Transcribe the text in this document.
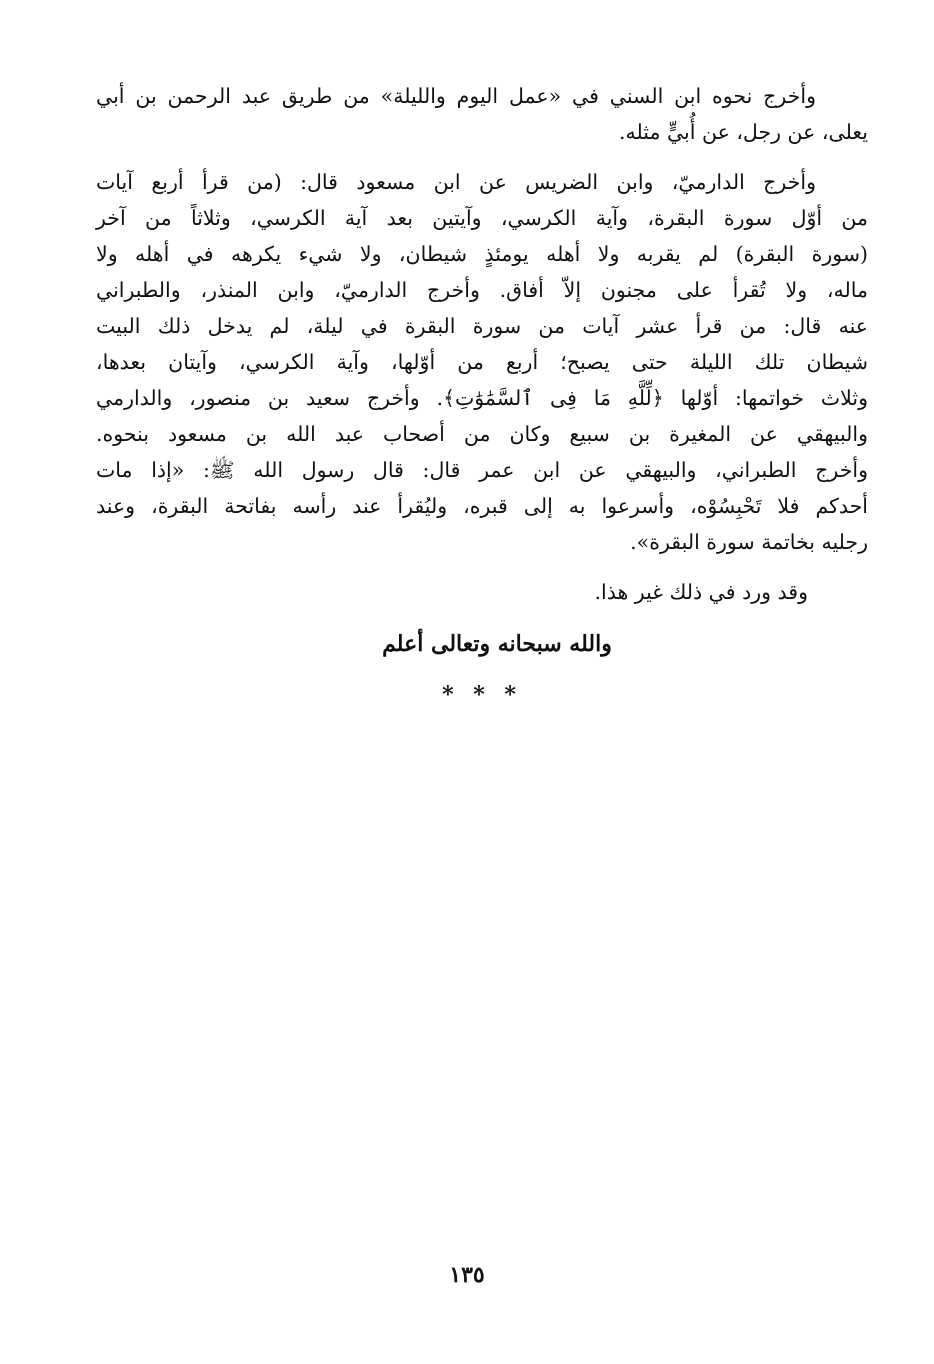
وأخرج نحوه ابن السني في «عمل اليوم والليلة» من طريق عبد الرحمن بن أبي
يعلى، عن رجل، عن أُبيٍّ مثله.

وأخرج الدارميّ، وابن الضريس عن ابن مسعود قال: (من قرأ أربع آيات
من أوّل سورة البقرة، وآية الكرسي، وآيتين بعد آية الكرسي، وثلاثاً من آخر
(سورة البقرة) لم يقربه ولا أهله يومئذٍ شيطان، ولا شيء يكرهه في أهله ولا
ماله، ولا تُقرأ على مجنون إلاّ أفاق. وأخرج الدارميّ، وابن المنذر، والطبراني
عنه قال: من قرأ عشر آيات من سورة البقرة في ليلة، لم يدخل ذلك البيت
شيطان تلك الليلة حتى يصبح؛ أربع من أوّلها، وآية الكرسي، وآيتان بعدها،
وثلاث خواتمها: أوّلها ﴿لِّلَّهِ مَا فِى ٱلسَّمَٰوَٰتِ﴾. وأخرج سعيد بن منصور، والدارمي
والبيهقي عن المغيرة بن سبيع وكان من أصحاب عبد الله بن مسعود بنحوه.
وأخرج الطبراني، والبيهقي عن ابن عمر قال: قال رسول الله ﷺ: «إذا مات
أحدكم فلا تَحْبِسُوْه، وأسرعوا به إلى قبره، وليُقرأ عند رأسه بفاتحة البقرة، وعند
رجليه بخاتمة سورة البقرة».

وقد ورد في ذلك غير هذا.

والله سبحانه وتعالى أعلم

* * *

١٣٥
